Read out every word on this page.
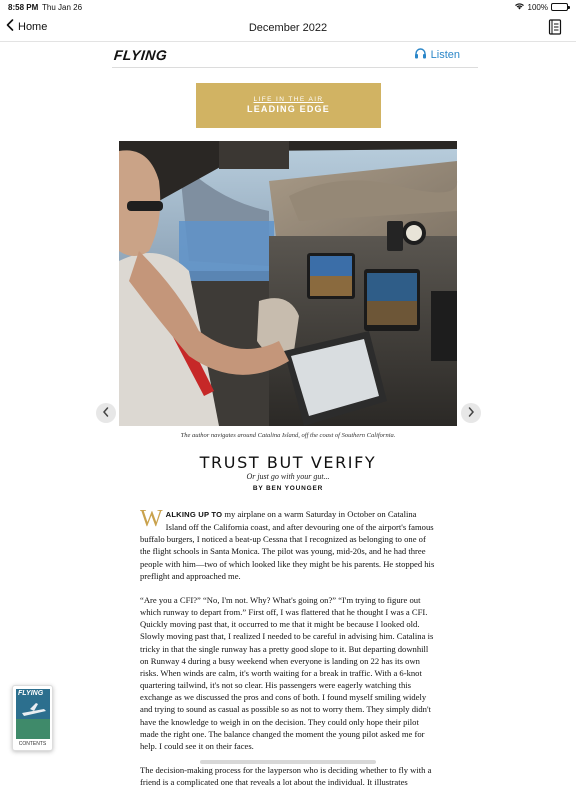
8:58 PM Thu Jan 26	100%
Home	December 2022
FLYING	Listen
LIFE IN THE AIR
LEADING EDGE
The author navigates around Catalina Island, off the coast of Southern California.
TRUST BUT VERIFY
Or just go with your gut...
BY BEN YOUNGER

WALKING UP TO my airplane on a warm Saturday in October on Catalina Island off the California coast, and after devouring one of the airport's famous buffalo burgers, I noticed a beat-up Cessna that I recognized as belonging to one of the flight schools in Santa Monica. The pilot was young, mid-20s, and he had three people with him—two of which looked like they might be his parents. He stopped his preflight and approached me.

“Are you a CFI?” “No, I'm not. Why? What's going on?” “I'm trying to figure out which runway to depart from.” First off, I was flattered that he thought I was a CFI. Quickly moving past that, it occurred to me that it might be because I looked old. Slowly moving past that, I realized I needed to be careful in advising him. Catalina is tricky in that the single runway has a pretty good slope to it. But departing downhill on Runway 4 during a busy weekend when everyone is landing on 22 has its own risks. When winds are calm, it's worth waiting for a break in traffic. With a 6-knot quartering tailwind, it's not so clear. His passengers were eagerly watching this exchange as we discussed the pros and cons of both. I found myself smiling widely and trying to sound as casual as possible so as not to worry them. They simply didn't have the knowledge to weigh in on the decision. They could only hope their pilot made the right one. The balance changed the moment the young pilot asked me for help. I could see it on their faces.

The decision-making process for the layperson who is deciding whether to fly with a friend is a complicated one that reveals a lot about the individual. It illustrates

FLYING
CONTENTS
